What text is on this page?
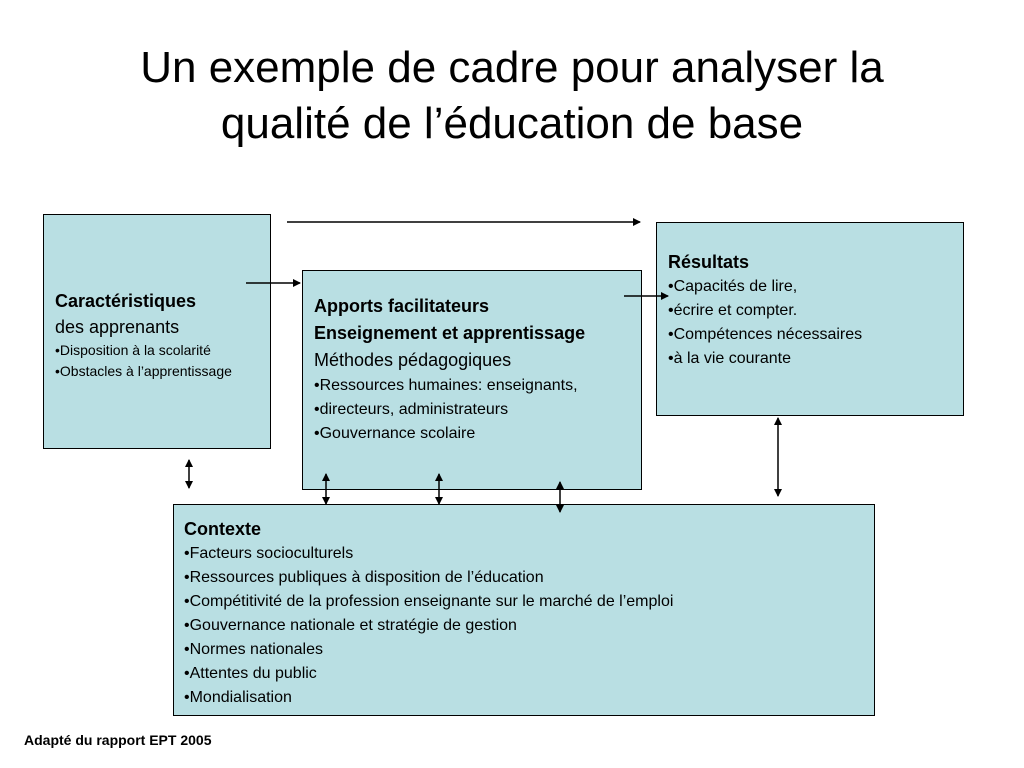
Un exemple de cadre pour analyser la
qualité de l’éducation de base
Caractéristiques
des apprenants
•Disposition à la scolarité
•Obstacles à l’apprentissage
Apports facilitateurs
Enseignement et apprentissage
Méthodes pédagogiques
•Ressources humaines: enseignants,
•directeurs, administrateurs
•Gouvernance scolaire
Résultats
•Capacités de lire,
•écrire et compter.
•Compétences nécessaires
•à la vie courante
Contexte
•Facteurs socioculturels
•Ressources publiques à disposition de l’éducation
•Compétitivité de la profession enseignante sur le marché de l’emploi
•Gouvernance nationale et stratégie de gestion
•Normes nationales
•Attentes du public
•Mondialisation
Adapté du rapport EPT 2005
